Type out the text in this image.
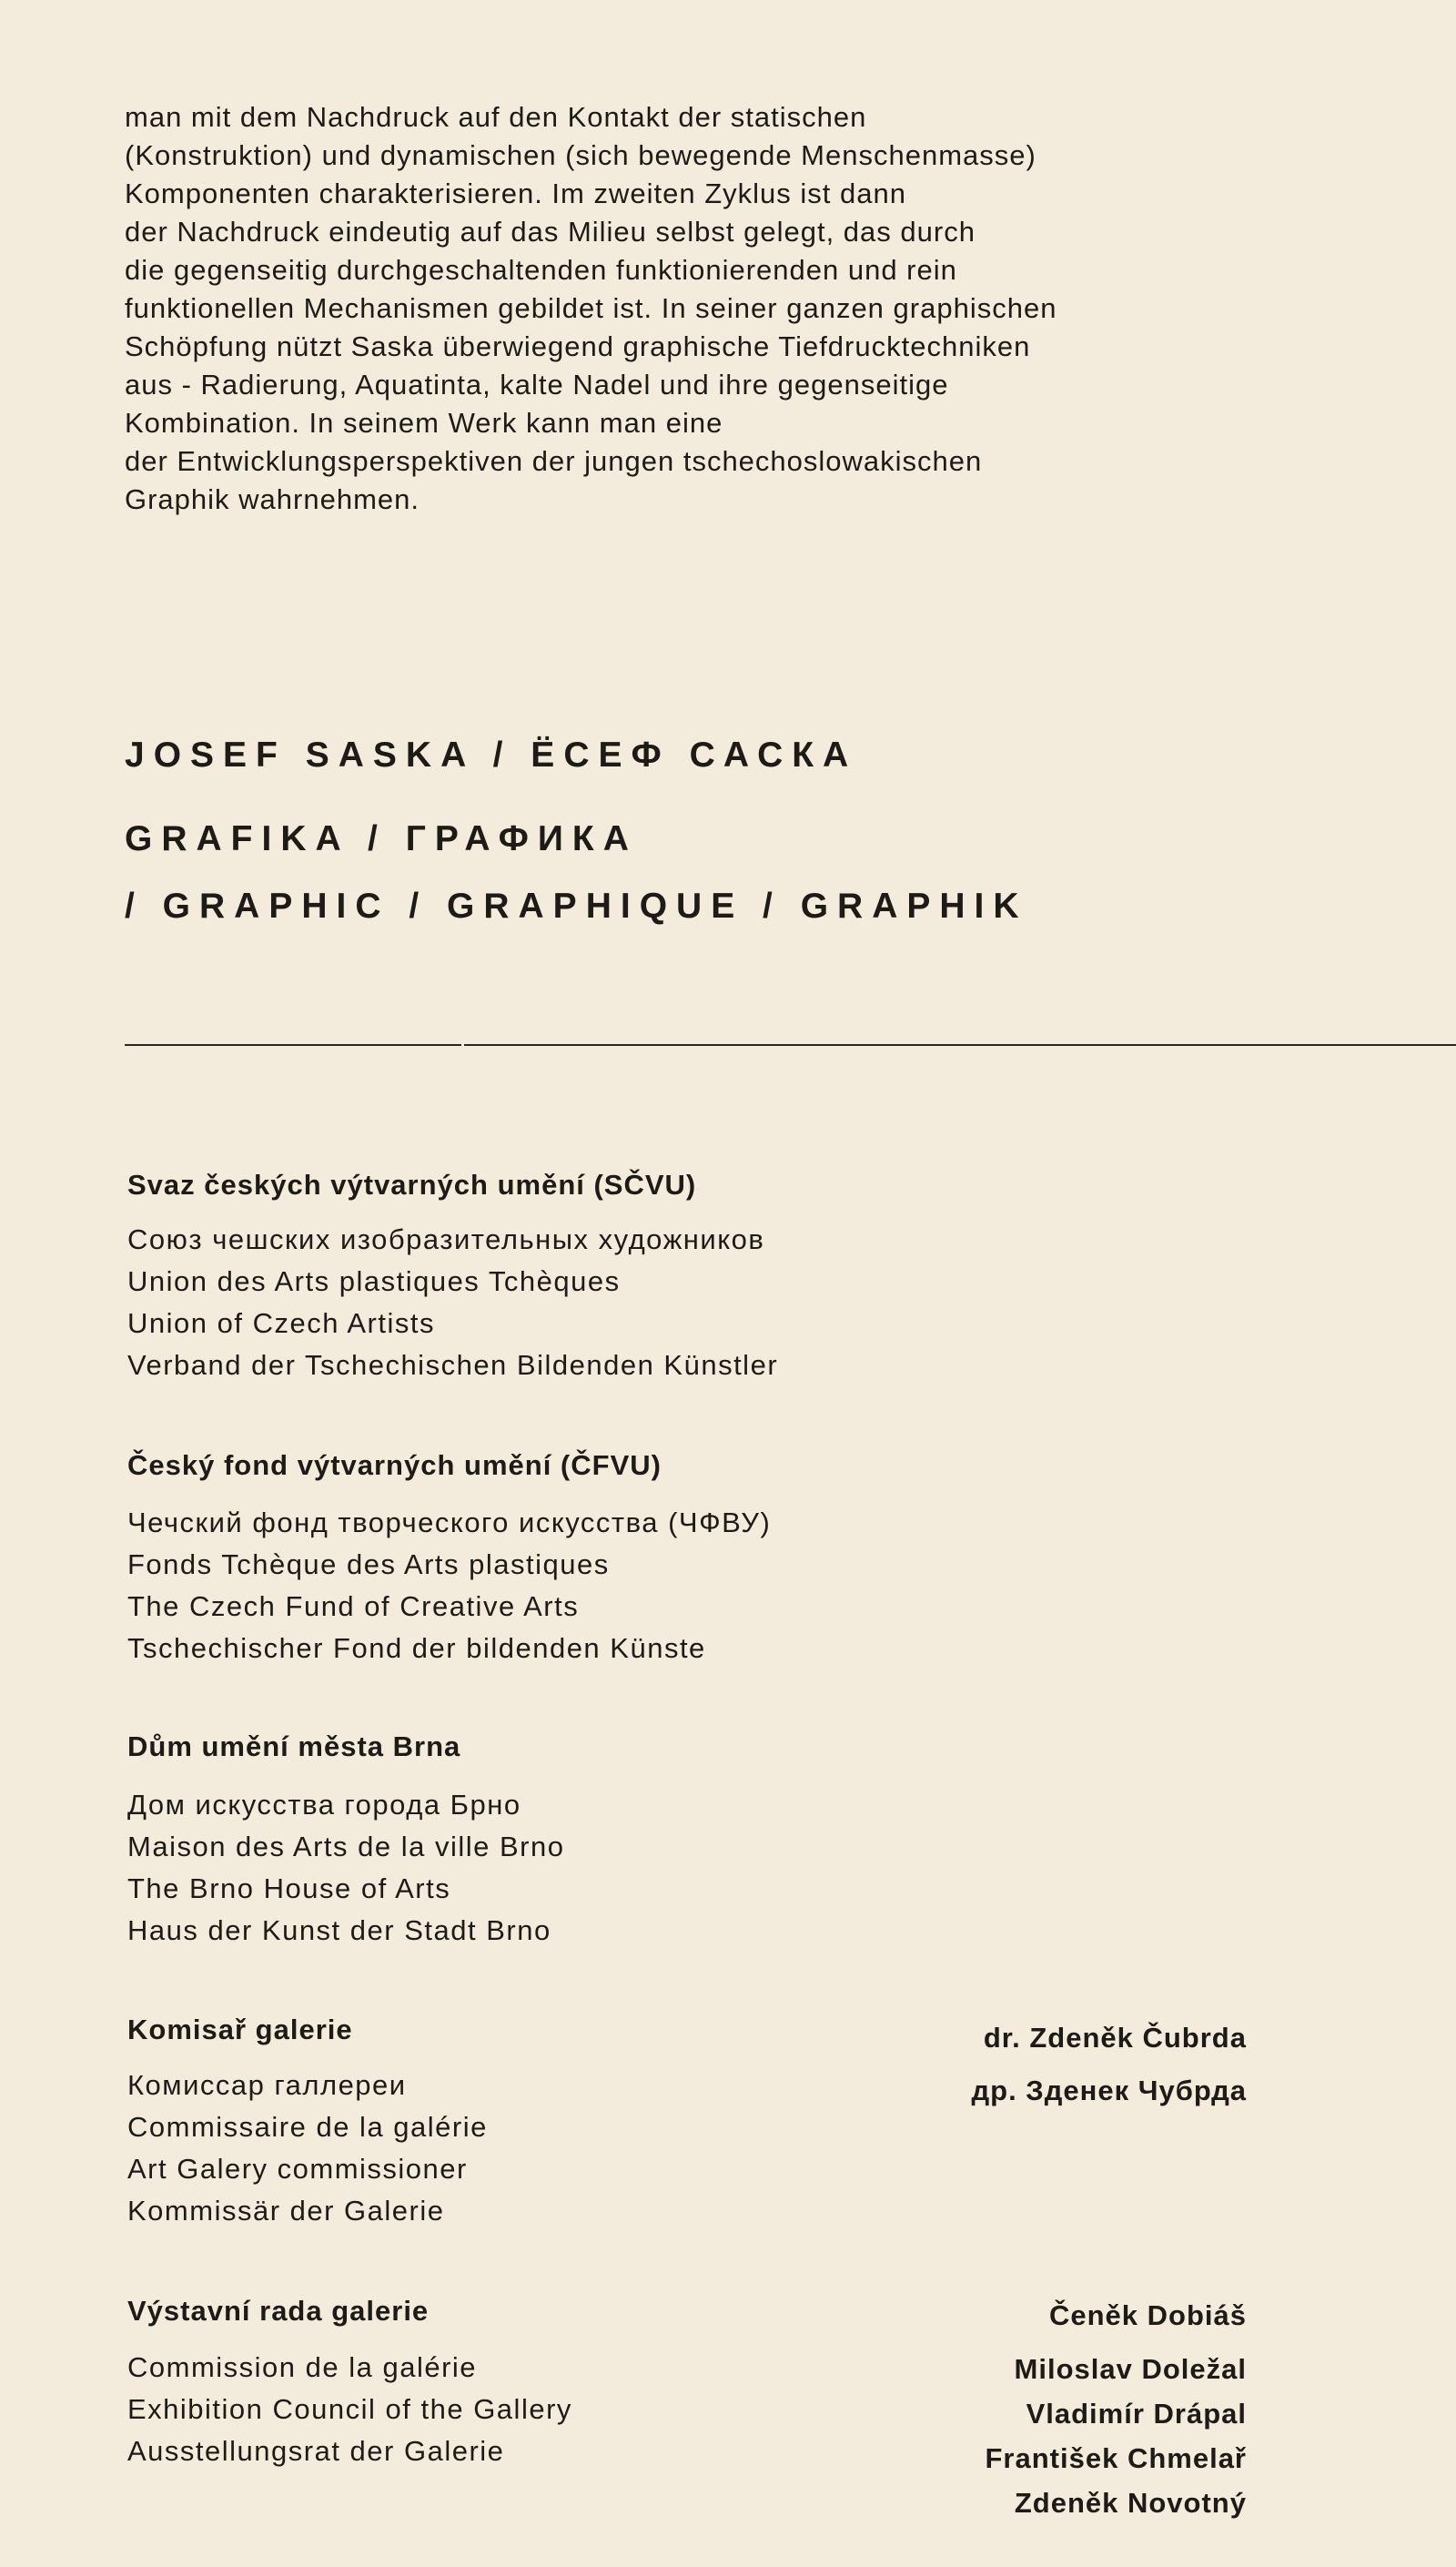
man mit dem Nachdruck auf den Kontakt der statischen
(Konstruktion) und dynamischen (sich bewegende Menschenmasse)
Komponenten charakterisieren. Im zweiten Zyklus ist dann
der Nachdruck eindeutig auf das Milieu selbst gelegt, das durch
die gegenseitig durchgeschaltenden funktionierenden und rein
funktionellen Mechanismen gebildet ist. In seiner ganzen graphischen
Schöpfung nützt Saska überwiegend graphische Tiefdrucktechniken
aus - Radierung, Aquatinta, kalte Nadel und ihre gegenseitige
Kombination. In seinem Werk kann man eine
der Entwicklungsperspektiven der jungen tschechoslowakischen
Graphik wahrnehmen.
JOSEF SASKA / ЁСЕФ САСКА
GRAFIKA / ГРАФИКА
/ GRAPHIC / GRAPHIQUE / GRAPHIK
Svaz českých výtvarných umění (SČVU)
Союз чешских изобразительных художников
Union des Arts plastiques Tchèques
Union of Czech Artists
Verband der Tschechischen Bildenden Künstler
Český fond výtvarných umění (ČFVU)
Чечский фонд творческого искусства (ЧФВУ)
Fonds Tchèque des Arts plastiques
The Czech Fund of Creative Arts
Tschechischer Fond der bildenden Künste
Dům umění města Brna
Дом искусства города Брно
Maison des Arts de la ville Brno
The Brno House of Arts
Haus der Kunst der Stadt Brno
Komisař galerie
Комиссар галлереи
Commissaire de la galérie
Art Galery commissioner
Kommissär der Galerie
dr. Zdeněk Čubrda
др. Зденек Чубрда
Výstavní rada galerie
Commission de la galérie
Exhibition Council of the Gallery
Ausstellungsrat der Galerie
Čeněk Dobiáš
Miloslav Doležal
Vladimír Drápal
František Chmelař
Zdeněk Novotný
